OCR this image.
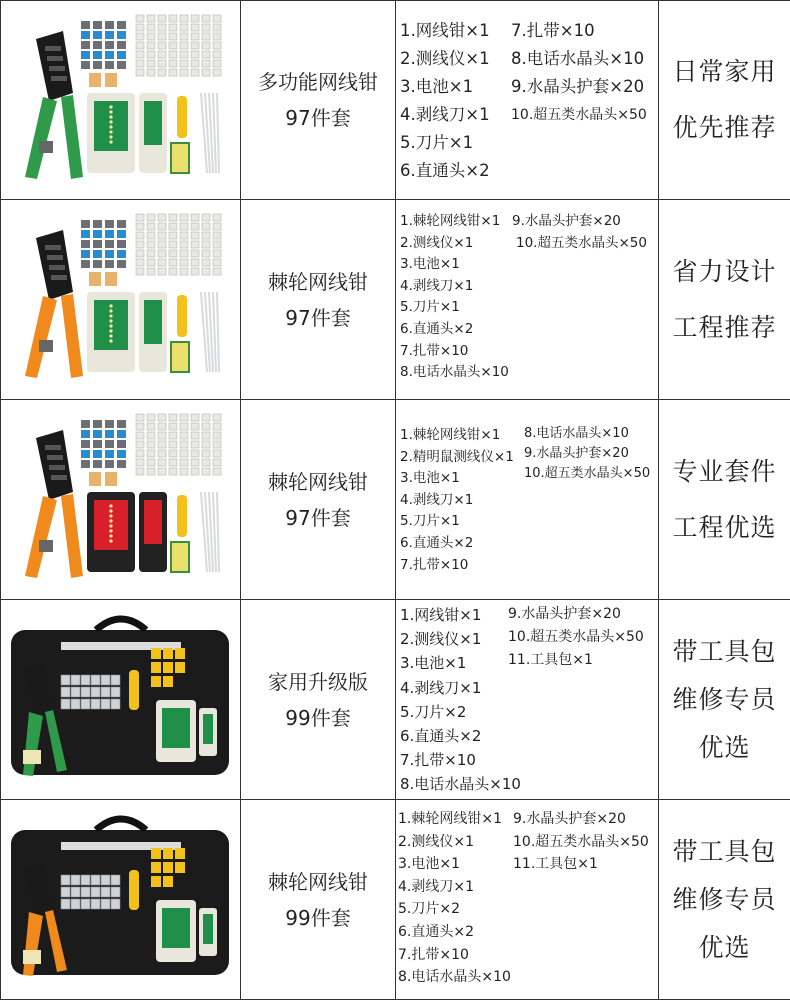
多功能网线钳
97件套
1.网线钳×1
2.测线仪×1
3.电池×1
4.剥线刀×1
5.刀片×1
6.直通头×2
7.扎带×10
8.电话水晶头×10
9.水晶头护套×20
10.超五类水晶头×50
日常家用
优先推荐
棘轮网线钳
97件套
1.棘轮网线钳×1
2.测线仪×1
3.电池×1
4.剥线刀×1
5.刀片×1
6.直通头×2
7.扎带×10
8.电话水晶头×10
9.水晶头护套×20
10.超五类水晶头×50
省力设计
工程推荐
棘轮网线钳
97件套
1.棘轮网线钳×1
2.精明鼠测线仪×1
3.电池×1
4.剥线刀×1
5.刀片×1
6.直通头×2
7.扎带×10
8.电话水晶头×10
9.水晶头护套×20
10.超五类水晶头×50 专业套件
工程优选
家用升级版
99件套
1.网线钳×1
2.测线仪×1
3.电池×1
4.剥线刀×1
5.刀片×2
6.直通头×2
7.扎带×10
8.电话水晶头×10
9.水晶头护套×20
10.超五类水晶头×50
11.工具包×1	带工具包
维修专员
优选
棘轮网线钳
99件套
1.棘轮网线钳×1
2.测线仪×1
3.电池×1
4.剥线刀×1
5.刀片×2
6.直通头×2
7.扎带×10
8.电话水晶头×10
9.水晶头护套×20
10.超五类水晶头×50
11.工具包×1	带工具包
维修专员
优选
